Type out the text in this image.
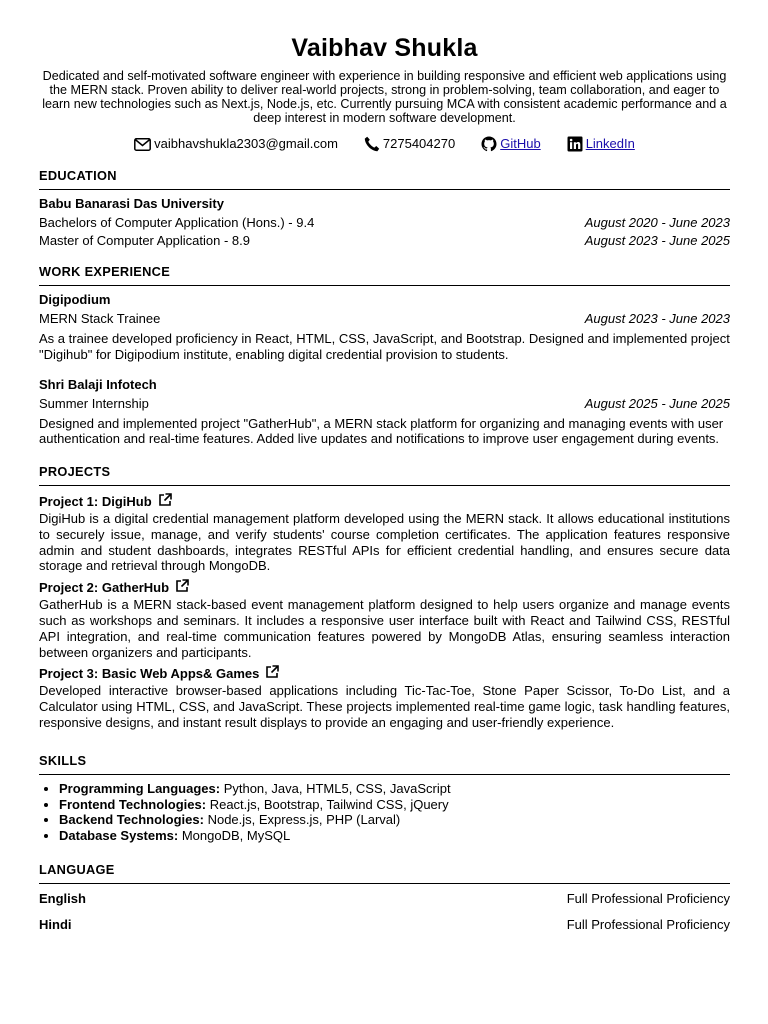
Vaibhav Shukla

Dedicated and self-motivated software engineer with experience in building responsive and efficient web applications using the MERN stack. Proven ability to deliver real-world projects, strong in problem-solving, team collaboration, and eager to learn new technologies such as Next.js, Node.js, etc. Currently pursuing MCA with consistent academic performance and a deep interest in modern software development.

vaibhavshukla2303@gmail.com	7275404270	GitHub	LinkedIn
EDUCATION
Babu Banarasi Das University
Bachelors of Computer Application (Hons.) - 9.4	August 2020 - June 2023
Master of Computer Application - 8.9	August 2023 - June 2025
WORK EXPERIENCE
Digipodium
MERN Stack Trainee	August 2023 - June 2023
As a trainee developed proficiency in React, HTML, CSS, JavaScript, and Bootstrap. Designed and implemented project "Digihub" for Digipodium institute, enabling digital credential provision to students.
Shri Balaji Infotech
Summer Internship	August 2025 - June 2025
Designed and implemented project "GatherHub", a MERN stack platform for organizing and managing events with user authentication and real-time features. Added live updates and notifications to improve user engagement during events.
PROJECTS
Project 1: DigiHub
DigiHub is a digital credential management platform developed using the MERN stack. It allows educational institutions to securely issue, manage, and verify students' course completion certificates. The application features responsive admin and student dashboards, integrates RESTful APIs for efficient credential handling, and ensures secure data storage and retrieval through MongoDB.
Project 2: GatherHub
GatherHub is a MERN stack-based event management platform designed to help users organize and manage events such as workshops and seminars. It includes a responsive user interface built with React and Tailwind CSS, RESTful API integration, and real-time communication features powered by MongoDB Atlas, ensuring seamless interaction between organizers and participants.
Project 3: Basic Web Apps& Games
Developed interactive browser-based applications including Tic-Tac-Toe, Stone Paper Scissor, To-Do List, and a Calculator using HTML, CSS, and JavaScript. These projects implemented real-time game logic, task handling features, responsive designs, and instant result displays to provide an engaging and user-friendly experience.
SKILLS
• Programming Languages: Python, Java, HTML5, CSS, JavaScript
• Frontend Technologies: React.js, Bootstrap, Tailwind CSS, jQuery
• Backend Technologies: Node.js, Express.js, PHP (Larval)
• Database Systems: MongoDB, MySQL
LANGUAGE
English	Full Professional Proficiency
Hindi	Full Professional Proficiency
